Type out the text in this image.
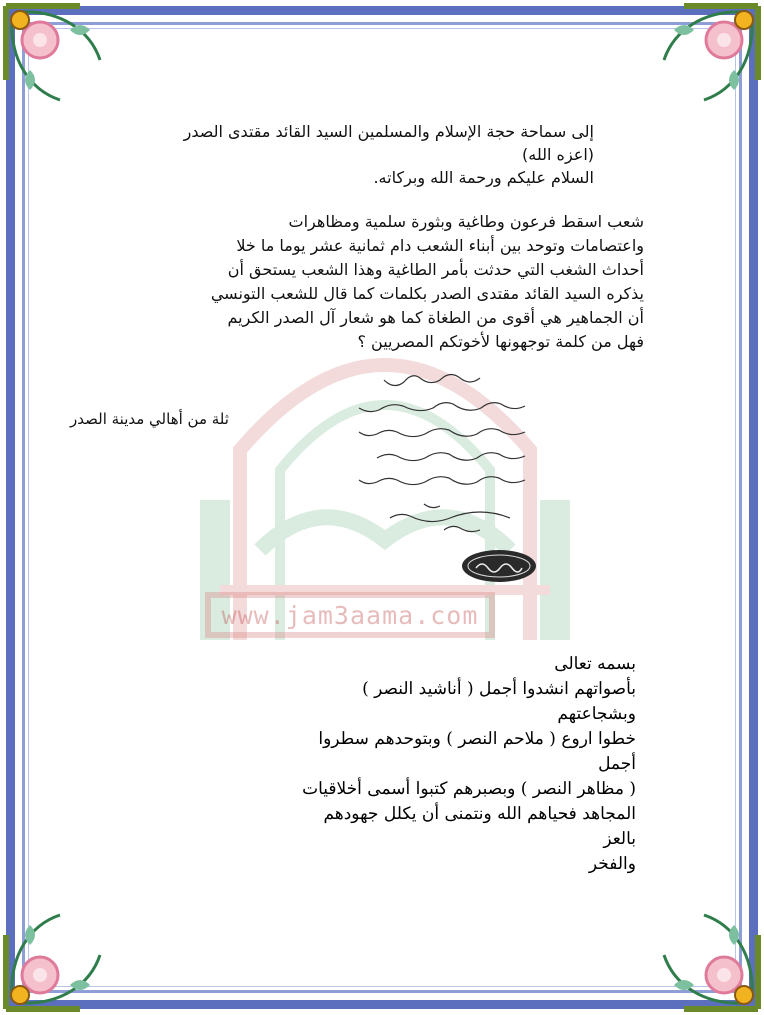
www.jam3aama.com

إلى سماحة حجة الإسلام والمسلمين السيد القائد مقتدى الصدر

(اعزه الله)

السلام عليكم ورحمة الله وبركاته.

شعب اسقط فرعون وطاغية وبثورة سلمية ومظاهرات

واعتصامات وتوحد بين أبناء الشعب دام ثمانية عشر يوما ما خلا

أحداث الشغب التي حدثت بأمر الطاغية وهذا الشعب يستحق أن

يذكره السيد القائد مقتدى الصدر بكلمات كما قال للشعب التونسي

أن الجماهير هي أقوى من الطغاة كما هو شعار آل الصدر الكريم

فهل من كلمة توجهونها لأخوتكم المصريين ؟

ثلة من أهالي مدينة الصدر

بسمه تعالى

بأصواتهم انشدوا أجمل ( أناشيد النصر ) وبشجاعتهم

خطوا اروع ( ملاحم النصر ) وبتوحدهم سطروا أجمل

( مظاهر النصر ) وبصبرهم كتبوا أسمى أخلاقيات

المجاهد فحياهم الله ونتمنى أن يكلل جهودهم بالعز

والفخر
